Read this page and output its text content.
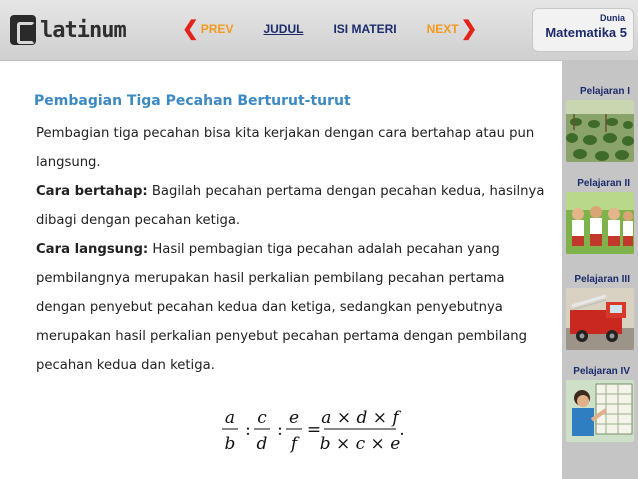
latinum	❮ PREV	JUDUL	ISI MATERI	NEXT ❯	Dunia
Matematika 5
Pelajaran I
Pelajaran II
Pelajaran III
Pelajaran IV
Pembagian Tiga Pecahan Berturut-turut

Pembagian tiga pecahan bisa kita kerjakan dengan cara bertahap atau pun langsung.

Cara bertahap: Bagilah pecahan pertama dengan pecahan kedua, hasilnya dibagi dengan pecahan ketiga.

Cara langsung: Hasil pembagian tiga pecahan adalah pecahan yang pembilangnya merupakan hasil perkalian pembilang pecahan pertama dengan penyebut pecahan kedua dan ketiga, sedangkan penyebutnya merupakan hasil perkalian penyebut pecahan pertama dengan pembilang pecahan kedua dan ketiga.

a
b
:
c
d
:
e
f
=
a × d × f
b × c × e
.
